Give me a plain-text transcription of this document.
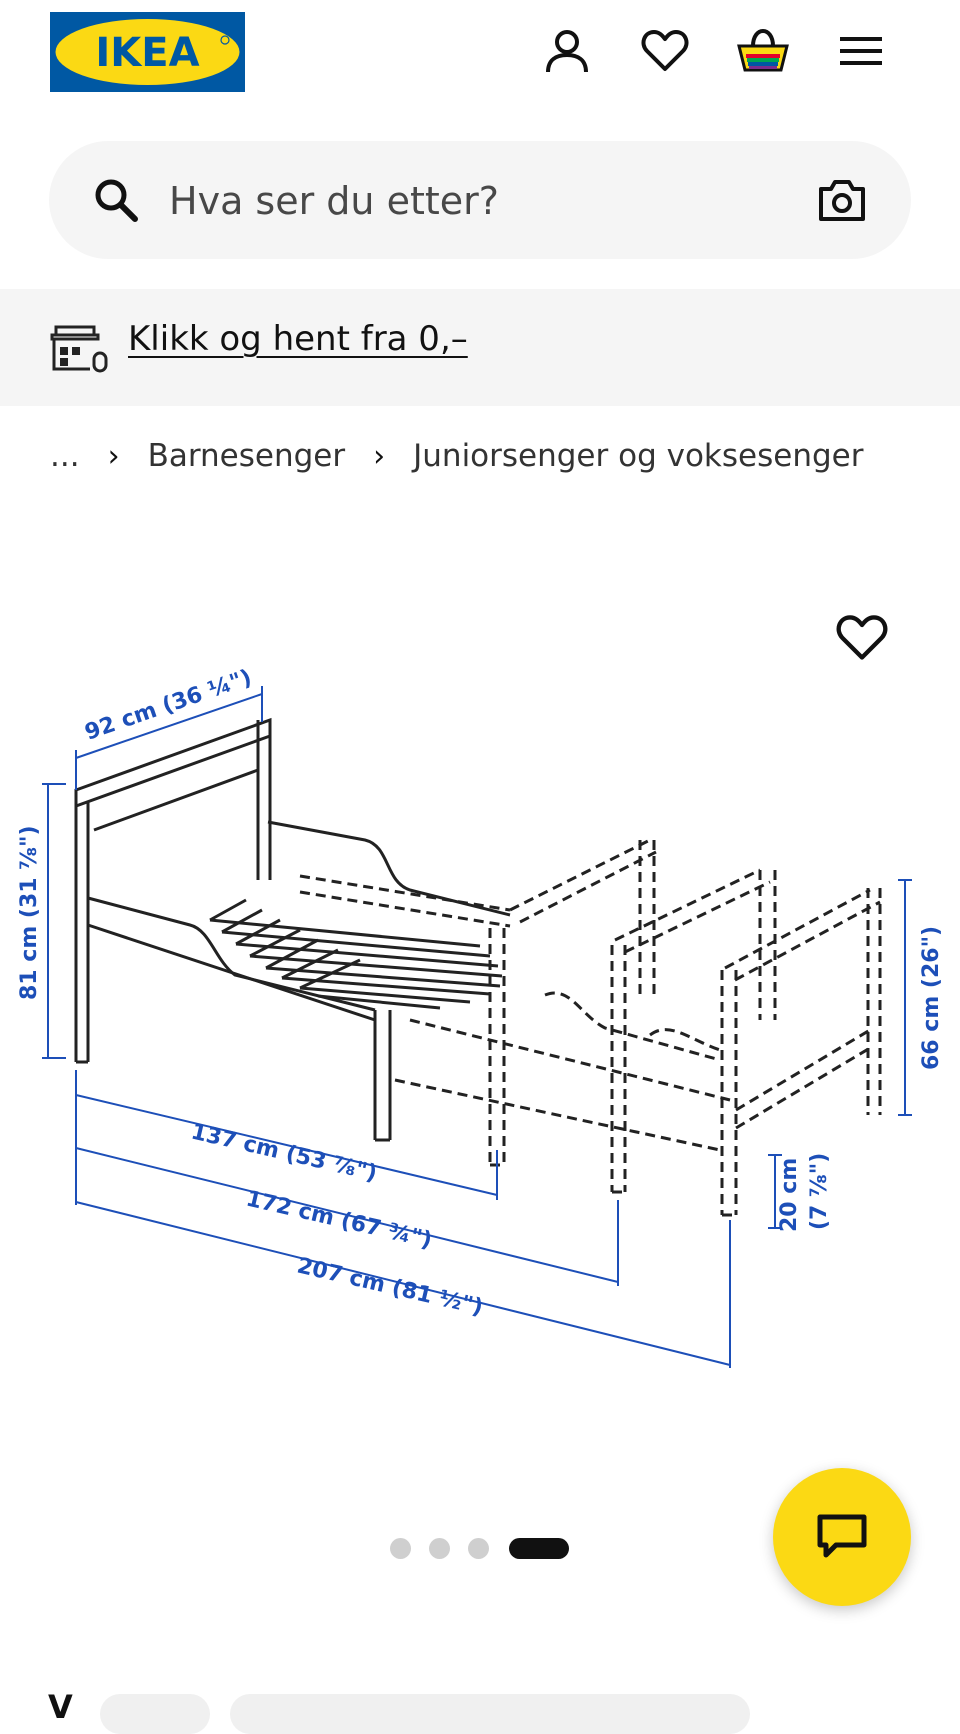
IKEA
Hva ser du etter?
Klikk og hent fra 0,–
... › Barnesenger › Juniorsenger og voksesenger
92 cm (36 ¼")
81 cm (31 ⅞")
137 cm (53 ⅞")
172 cm (67 ¾")
207 cm (81 ½")
66 cm (26")
20 cm (7 ⅞")
V
